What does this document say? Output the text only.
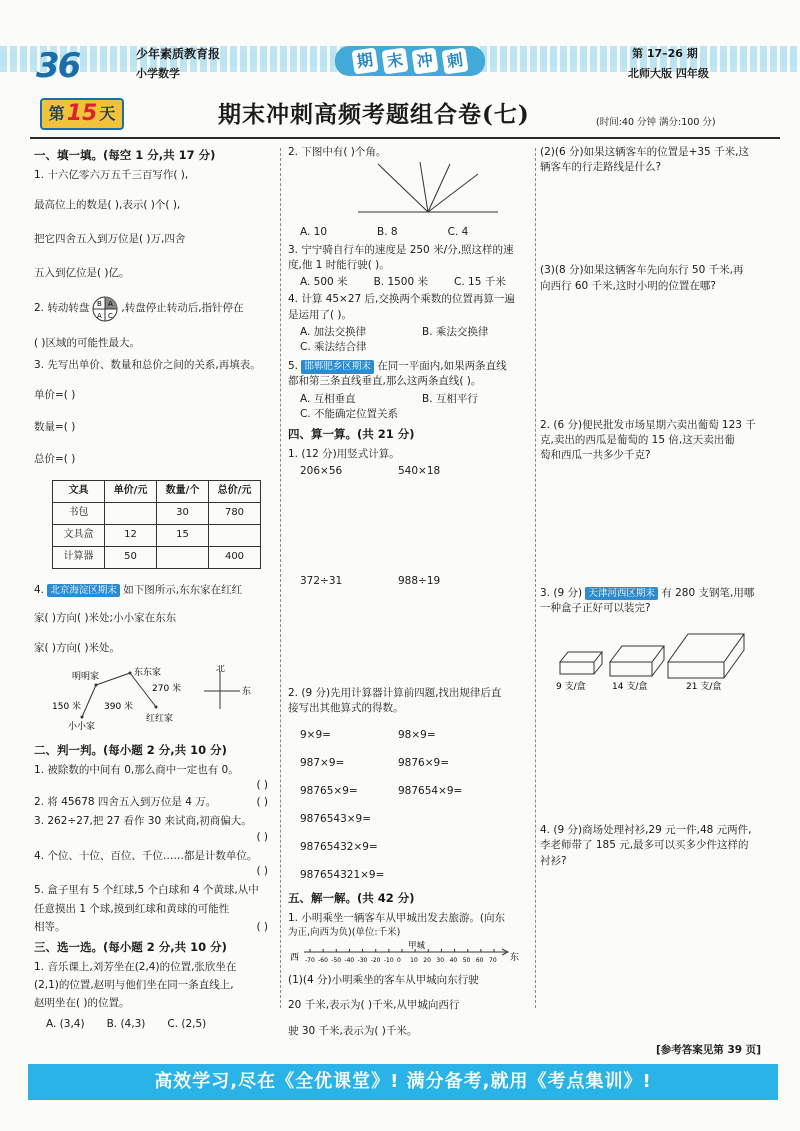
36	少年素质教育报
小学数学
期 末 冲 刺	第 17–26 期
北师大版 四年级
第 15 天	期末冲刺高频考题组合卷(七)	(时间:40 分钟 满分:100 分)
一、填一填。(每空 1 分,共 17 分)
1. 十六亿零六万五千三百写作( ),
最高位上的数是( ),表示( )个( ),
把它四舍五入到万位是( )万,四舍
五入到亿位是( )亿。
2. 转动转盘 B A
C
A
,转盘停止转动后,指针停在
( )区域的可能性最大。
3. 先写出单价、数量和总价之间的关系,再填表。
单价=( )
数量=( )
总价=( )
文具	单价/元	数量/个	总价/元
书包		30	780
文具盒	12	15	
计算器	50		400
4. 北京海淀区期末 如下图所示,东东家在红红
家( )方向( )米处;小小家在东东
家( )方向( )米处。
明明家	东东家
小小家
红红家
150 米	390 米
270 米
北
东
二、判一判。(每小题 2 分,共 10 分)
1. 被除数的中间有 0,那么商中一定也有 0。
( )
2. 将 45678 四舍五入到万位是 4 万。	( )
3. 262÷27,把 27 看作 30 来试商,初商偏大。
( )
4. 个位、十位、百位、千位……都是计数单位。
( )
5. 盒子里有 5 个红球,5 个白球和 4 个黄球,从中
任意摸出 1 个球,摸到红球和黄球的可能性
相等。	( )
三、选一选。(每小题 2 分,共 10 分)
1. 音乐课上,刘芳坐在(2,4)的位置,张欣坐在
(2,1)的位置,赵明与他们坐在同一条直线上,
赵明坐在( )的位置。
A. (3,4) B. (4,3) C. (2,5)
2. 下图中有( )个角。
A. 10	B. 8	C. 4
3. 宁宁骑自行车的速度是 250 米/分,照这样的速
度,他 1 时能行驶( )。
A. 500 米 B. 1500 米 C. 15 千米
4. 计算 45×27 后,交换两个乘数的位置再算一遍
是运用了( )。
A. 加法交换律	B. 乘法交换律
C. 乘法结合律
5. 邯郸肥乡区期末 在同一平面内,如果两条直线
都和第三条直线垂直,那么这两条直线( )。
A. 互相垂直	B. 互相平行
C. 不能确定位置关系
四、算一算。(共 21 分)
1. (12 分)用竖式计算。
206×56	540×18
372÷31	988÷19
2. (9 分)先用计算器计算前四题,找出规律后直
接写出其他算式的得数。
9×9=	98×9=
987×9=	9876×9=
98765×9=	987654×9=
9876543×9=
98765432×9=
987654321×9=
五、解一解。(共 42 分)
1. 小明乘坐一辆客车从甲城出发去旅游。(向东
为正,向西为负)(单位:千米)
甲城
西	东
-70 -60 -50 -40 -30 -20 -10 0 10 20 30 40 50 60 70
(1)(4 分)小明乘坐的客车从甲城向东行驶
20 千米,表示为( )千米,从甲城向西行
驶 30 千米,表示为( )千米。
(2)(6 分)如果这辆客车的位置是+35 千米,这
辆客车的行走路线是什么?
(3)(8 分)如果这辆客车先向东行 50 千米,再
向西行 60 千米,这时小明的位置在哪?
2. (6 分)便民批发市场星期六卖出葡萄 123 千
克,卖出的西瓜是葡萄的 15 倍,这天卖出葡
萄和西瓜一共多少千克?
3. (9 分) 天津河西区期末 有 280 支钢笔,用哪
一种盒子正好可以装完?
9 支/盒	14 支/盒	21 支/盒
4. (9 分)商场处理衬衫,29 元一件,48 元两件,
李老师带了 185 元,最多可以买多少件这样的
衬衫?
[参考答案见第 39 页]
高效学习,尽在《全优课堂》! 满分备考,就用《考点集训》!
